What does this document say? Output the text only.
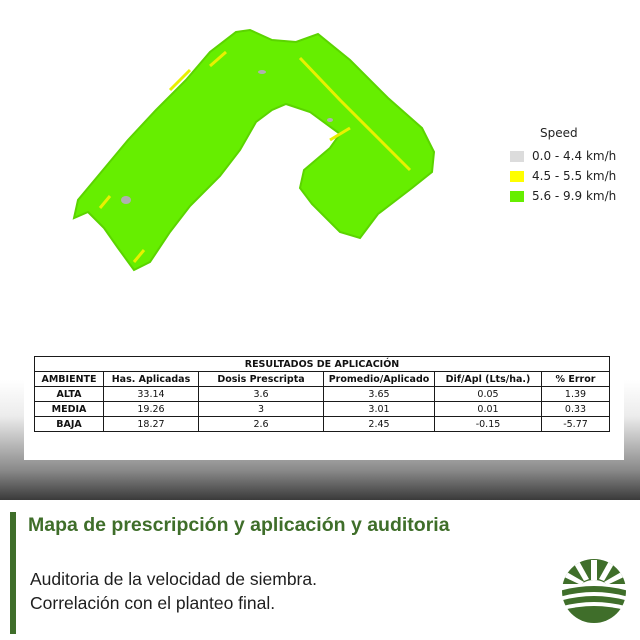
Speed
0.0 - 4.4 km/h
4.5 - 5.5 km/h
5.6 - 9.9 km/h
RESULTADOS DE APLICACIÓN					
AMBIENTE	Has. Aplicadas	Dosis Prescripta	Promedio/Aplicado	Dif/Apl (Lts/ha.)	% Error
ALTA	33.14	3.6	3.65	0.05	1.39
MEDIA	19.26	3	3.01	0.01	0.33
BAJA	18.27	2.6	2.45	-0.15	-5.77
Mapa de prescripción y aplicación y auditoria
Auditoria de la velocidad de siembra.
Correlación con el planteo final.
